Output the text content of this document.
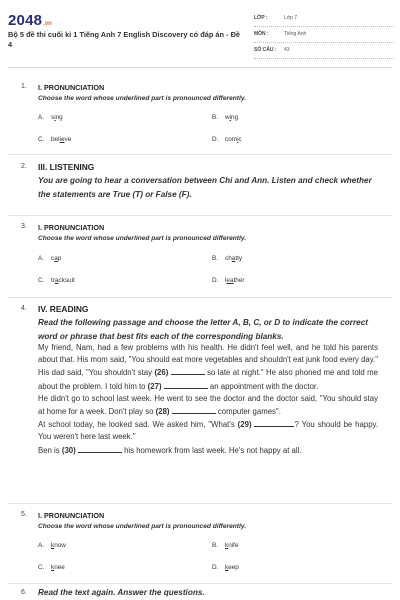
2048 .vn
Bộ 5 đề thi cuối kì 1 Tiếng Anh 7 English Discovery có đáp án - Đề 4
LỚP :	Lớp 7
MÔN :	Tiếng Anh
SỐ CÂU : 43
1. I. PRONUNCIATION
Choose the word whose underlined part is pronounced differently.
A. sing	B. wing
C. believe	D. comic
2. III. LISTENING
You are going to hear a conversation between Chi and Ann. Listen and check whether the statements are True (T) or False (F).
3. I. PRONUNCIATION
Choose the word whose underlined part is pronounced differently.
A. cap	B. chatty
C. tracksuit	D. leather
4. IV. READING
Read the following passage and choose the letter A, B, C, or D to indicate the correct word or phrase that best fits each of the corresponding blanks.

My friend, Nam, had a few problems with his health. He didn't feel well, and he told his parents about that. His mom said, "You should eat more vegetables and shouldn't eat junk food every day." His dad said, "You shouldn't stay (26)	so late at night." He also phoned me and told me about the problem. I told him to (27)	an appointment with the doctor.

He didn't go to school last week. He went to see the doctor and the doctor said, "You should stay at home for a week. Don't play so (28)	computer games".

At school today, he looked sad. We asked him, "What's (29)	? You should be happy. You weren't here last week."

Ben is (30)	his homework from last week. He's not happy at all.

5. I. PRONUNCIATION
Choose the word whose underlined part is pronounced differently.
A. know	B. knife
C. knee	D. keep
6. Read the text again. Answer the questions.
